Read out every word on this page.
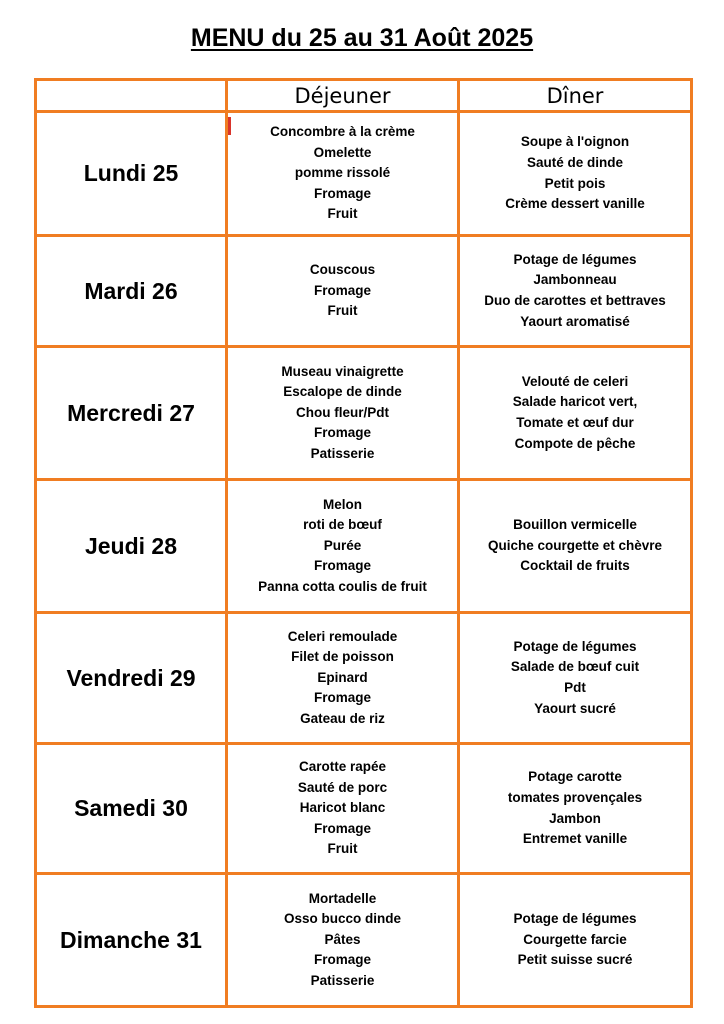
MENU du 25 au 31 Août 2025
	Déjeuner	Dîner
Lundi 25	Concombre à la crème
Omelette
pomme rissolé
Fromage
Fruit	Soupe à l'oignon
Sauté de dinde
Petit pois
Crème dessert vanille

Mardi 26	Couscous
Fromage
Fruit	Potage de légumes
Jambonneau
Duo de carottes et bettraves
Yaourt aromatisé

Mercredi 27	Museau vinaigrette
Escalope de dinde
Chou fleur/Pdt
Fromage
Patisserie	Velouté de celeri
Salade haricot vert,
Tomate et œuf dur
Compote de pêche

Jeudi 28	Melon
roti de bœuf
Purée
Fromage
Panna cotta coulis de fruit	Bouillon vermicelle
Quiche courgette et chèvre
Cocktail de fruits

Vendredi 29	Celeri remoulade
Filet de poisson
Epinard
Fromage
Gateau de riz	Potage de légumes
Salade de bœuf cuit
Pdt
Yaourt sucré

Samedi 30	Carotte rapée
Sauté de porc
Haricot blanc
Fromage
Fruit	Potage carotte
tomates provençales
Jambon
Entremet vanille

Dimanche 31	Mortadelle
Osso bucco dinde
Pâtes
Fromage
Patisserie	Potage de légumes
Courgette farcie
Petit suisse sucré
